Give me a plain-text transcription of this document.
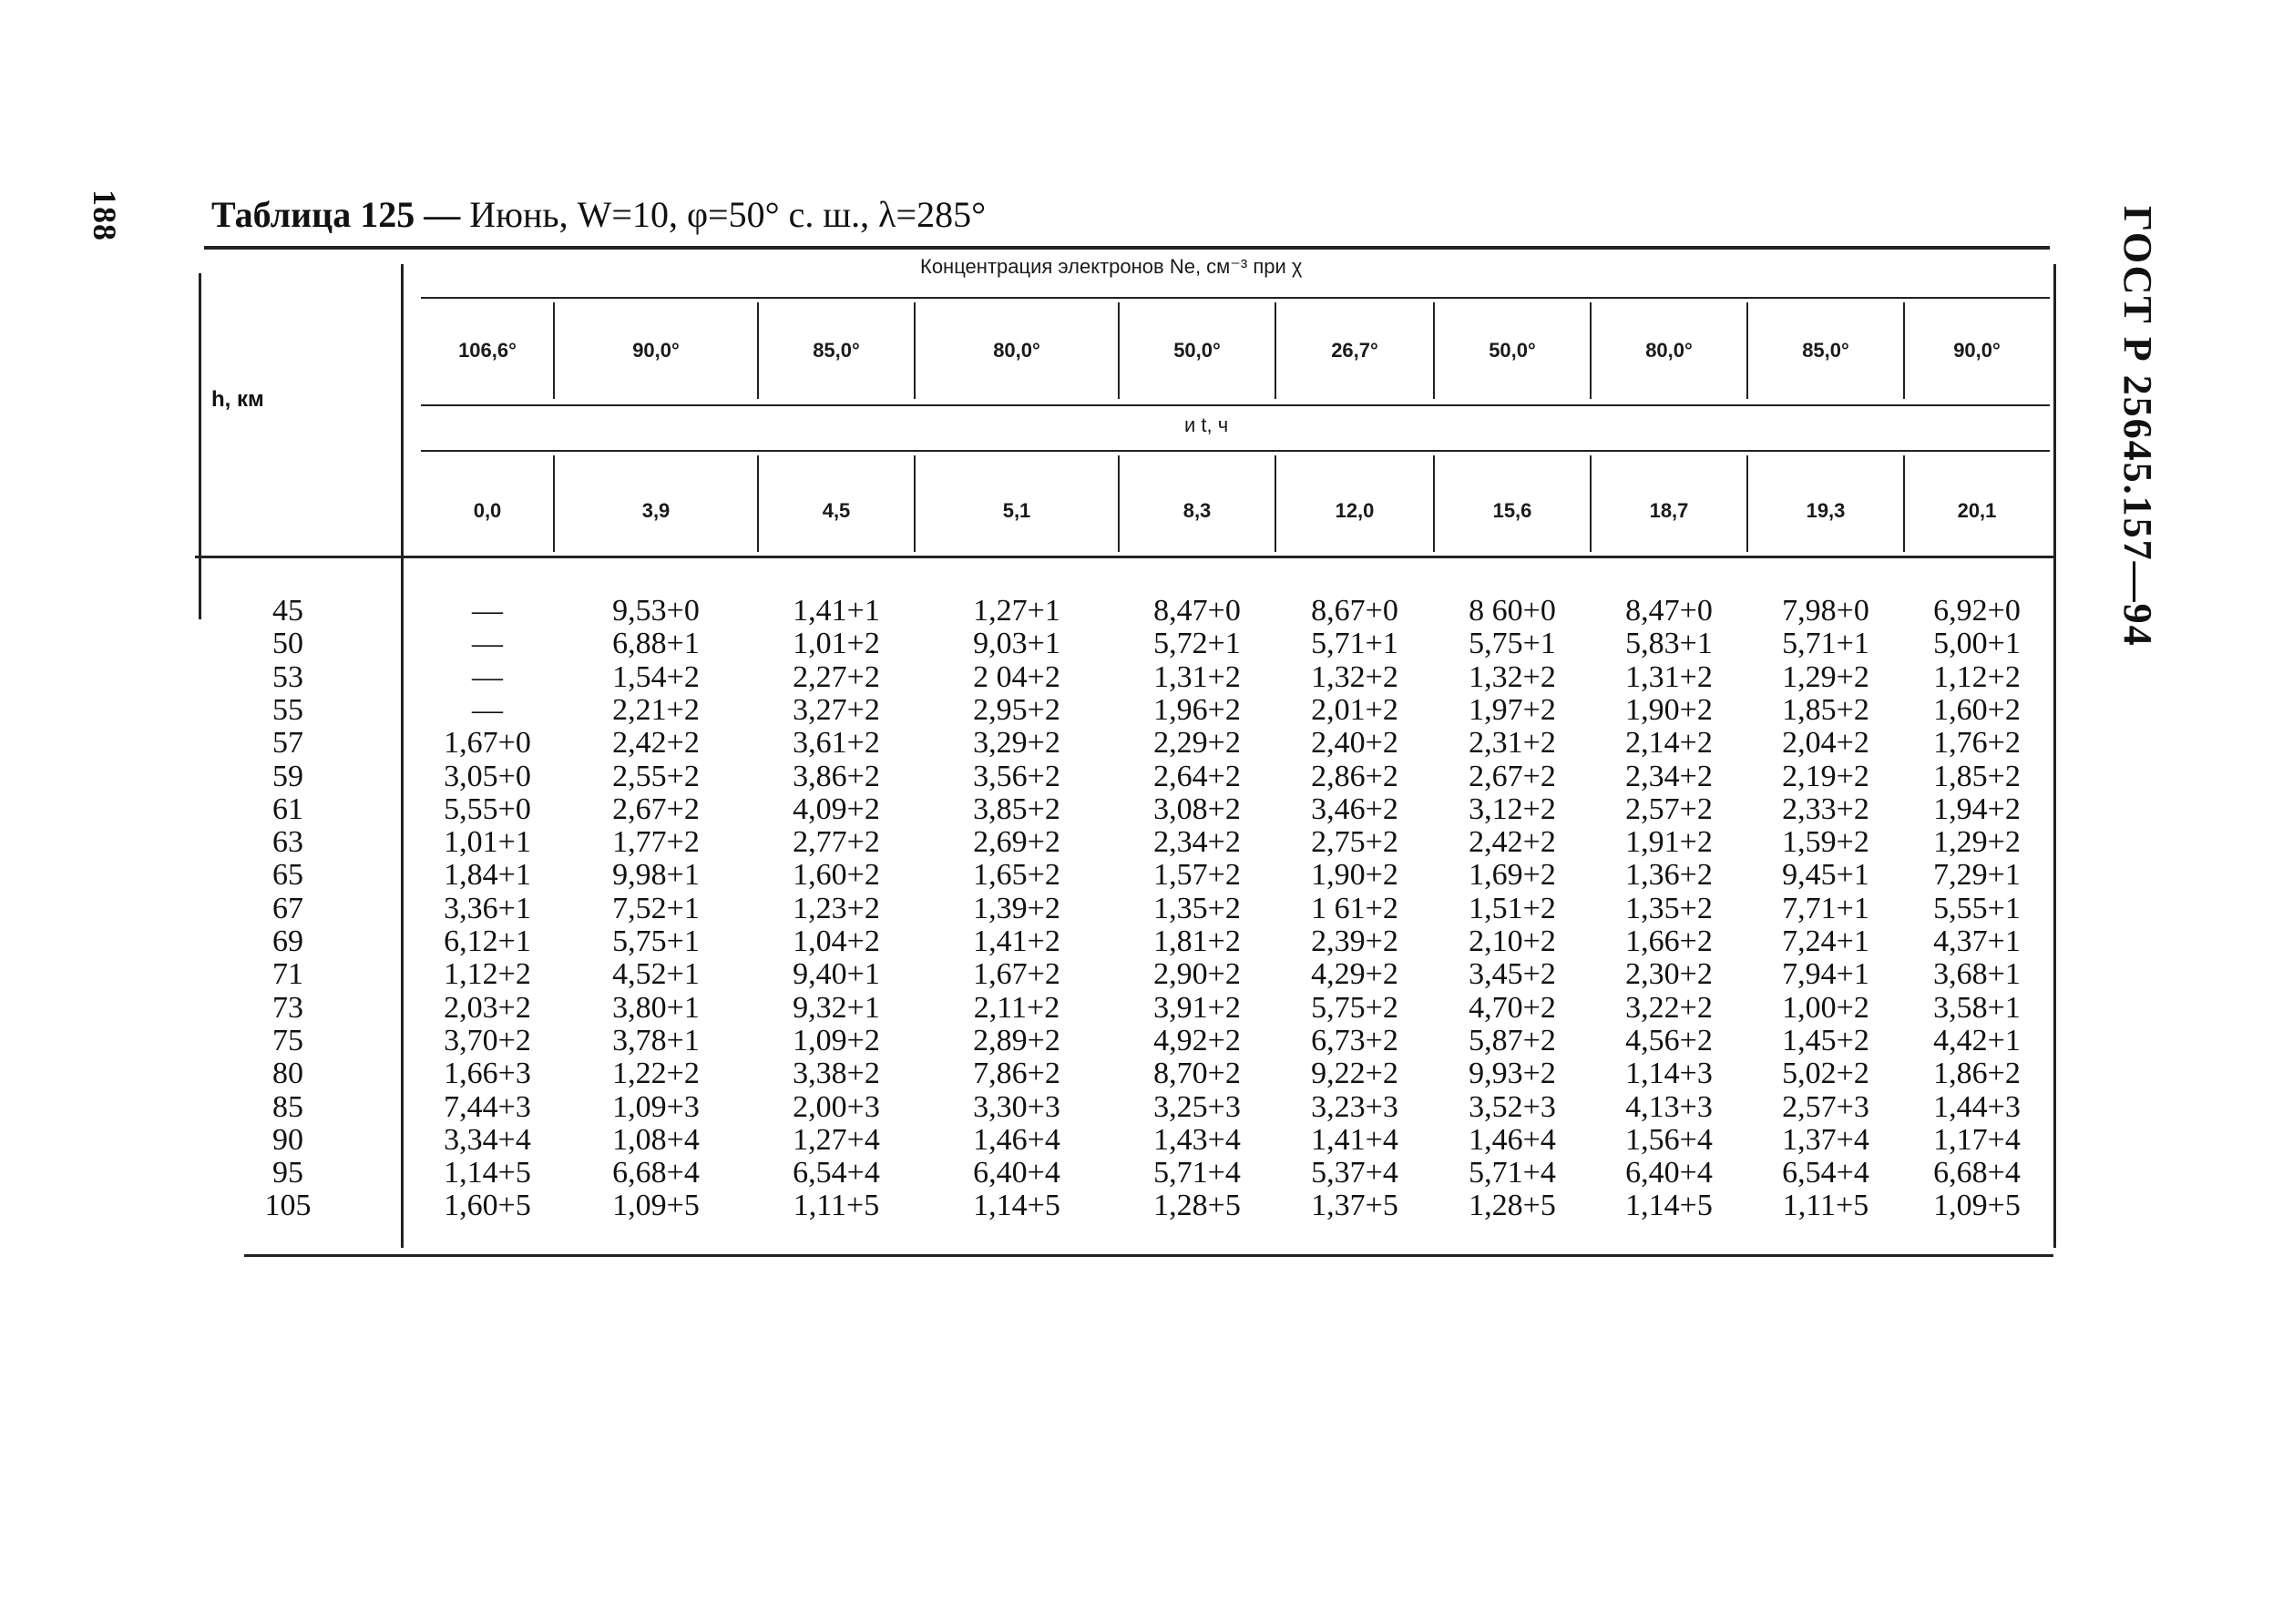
188	ГОСТ Р 25645.157—94
Таблица 125 — Июнь, W=10, φ=50° с. ш., λ=285°
Концентрация электронов Ne, см⁻³ при χ
и t, ч
h, км
106,6°	90,0°	85,0°	80,0°	50,0°	26,7°	50,0°	80,0°	85,0°	90,0°
0,0	3,9	4,5	5,1	8,3	12,0	15,6	18,7	19,3	20,1
45	—	9,53+0	1,41+1	1,27+1	8,47+0	8,67+0	8 60+0	8,47+0	7,98+0	6,92+0
50	—	6,88+1	1,01+2	9,03+1	5,72+1	5,71+1	5,75+1	5,83+1	5,71+1	5,00+1
53	—	1,54+2	2,27+2	2 04+2	1,31+2	1,32+2	1,32+2	1,31+2	1,29+2	1,12+2
55	—	2,21+2	3,27+2	2,95+2	1,96+2	2,01+2	1,97+2	1,90+2	1,85+2	1,60+2
57	1,67+0	2,42+2	3,61+2	3,29+2	2,29+2	2,40+2	2,31+2	2,14+2	2,04+2	1,76+2
59	3,05+0	2,55+2	3,86+2	3,56+2	2,64+2	2,86+2	2,67+2	2,34+2	2,19+2	1,85+2
61	5,55+0	2,67+2	4,09+2	3,85+2	3,08+2	3,46+2	3,12+2	2,57+2	2,33+2	1,94+2
63	1,01+1	1,77+2	2,77+2	2,69+2	2,34+2	2,75+2	2,42+2	1,91+2	1,59+2	1,29+2
65	1,84+1	9,98+1	1,60+2	1,65+2	1,57+2	1,90+2	1,69+2	1,36+2	9,45+1	7,29+1
67	3,36+1	7,52+1	1,23+2	1,39+2	1,35+2	1 61+2	1,51+2	1,35+2	7,71+1	5,55+1
69	6,12+1	5,75+1	1,04+2	1,41+2	1,81+2	2,39+2	2,10+2	1,66+2	7,24+1	4,37+1
71	1,12+2	4,52+1	9,40+1	1,67+2	2,90+2	4,29+2	3,45+2	2,30+2	7,94+1	3,68+1
73	2,03+2	3,80+1	9,32+1	2,11+2	3,91+2	5,75+2	4,70+2	3,22+2	1,00+2	3,58+1
75	3,70+2	3,78+1	1,09+2	2,89+2	4,92+2	6,73+2	5,87+2	4,56+2	1,45+2	4,42+1
80	1,66+3	1,22+2	3,38+2	7,86+2	8,70+2	9,22+2	9,93+2	1,14+3	5,02+2	1,86+2
85	7,44+3	1,09+3	2,00+3	3,30+3	3,25+3	3,23+3	3,52+3	4,13+3	2,57+3	1,44+3
90	3,34+4	1,08+4	1,27+4	1,46+4	1,43+4	1,41+4	1,46+4	1,56+4	1,37+4	1,17+4
95	1,14+5	6,68+4	6,54+4	6,40+4	5,71+4	5,37+4	5,71+4	6,40+4	6,54+4	6,68+4
105	1,60+5	1,09+5	1,11+5	1,14+5	1,28+5	1,37+5	1,28+5	1,14+5	1,11+5	1,09+5
